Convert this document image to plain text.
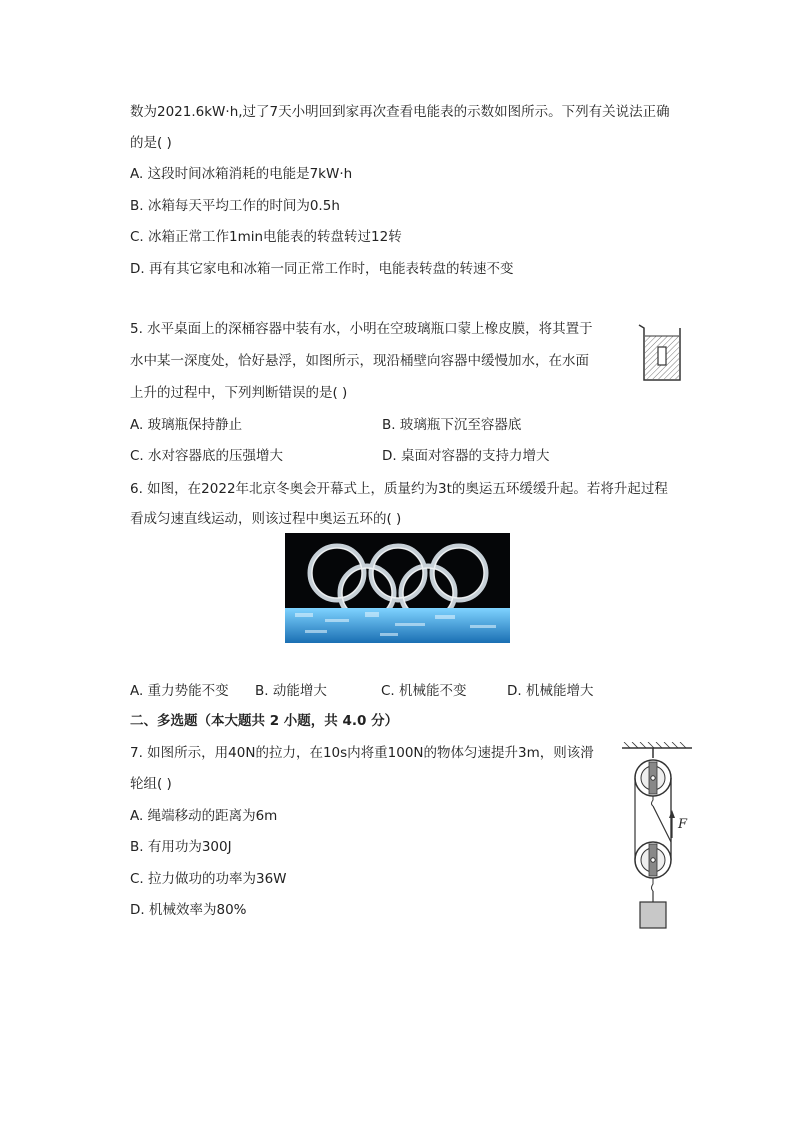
数为2021.6kW·h,过了7天小明回到家再次查看电能表的示数如图所示。下列有关说法正确
的是( )
A. 这段时间冰箱消耗的电能是7kW·h
B. 冰箱每天平均工作的时间为0.5h
C. 冰箱正常工作1min电能表的转盘转过12转
D. 再有其它家电和冰箱一同正常工作时，电能表转盘的转速不变
5. 水平桌面上的深桶容器中装有水，小明在空玻璃瓶口蒙上橡皮膜，将其置于
水中某一深度处，恰好悬浮，如图所示，现沿桶壁向容器中缓慢加水，在水面
上升的过程中，下列判断错误的是( )
A. 玻璃瓶保持静止	B. 玻璃瓶下沉至容器底
C. 水对容器底的压强增大	D. 桌面对容器的支持力增大
6. 如图，在2022年北京冬奥会开幕式上，质量约为3t的奥运五环缓缓升起。若将升起过程
看成匀速直线运动，则该过程中奥运五环的( )
A. 重力势能不变 B. 动能增大	C. 机械能不变	D. 机械能增大
二、多选题（本大题共 2 小题，共 4.0 分）
7. 如图所示，用40N的拉力，在10s内将重100N的物体匀速提升3m，则该滑
轮组( )
A. 绳端移动的距离为6m
B. 有用功为300J
C. 拉力做功的功率为36W
D. 机械效率为80%
F
